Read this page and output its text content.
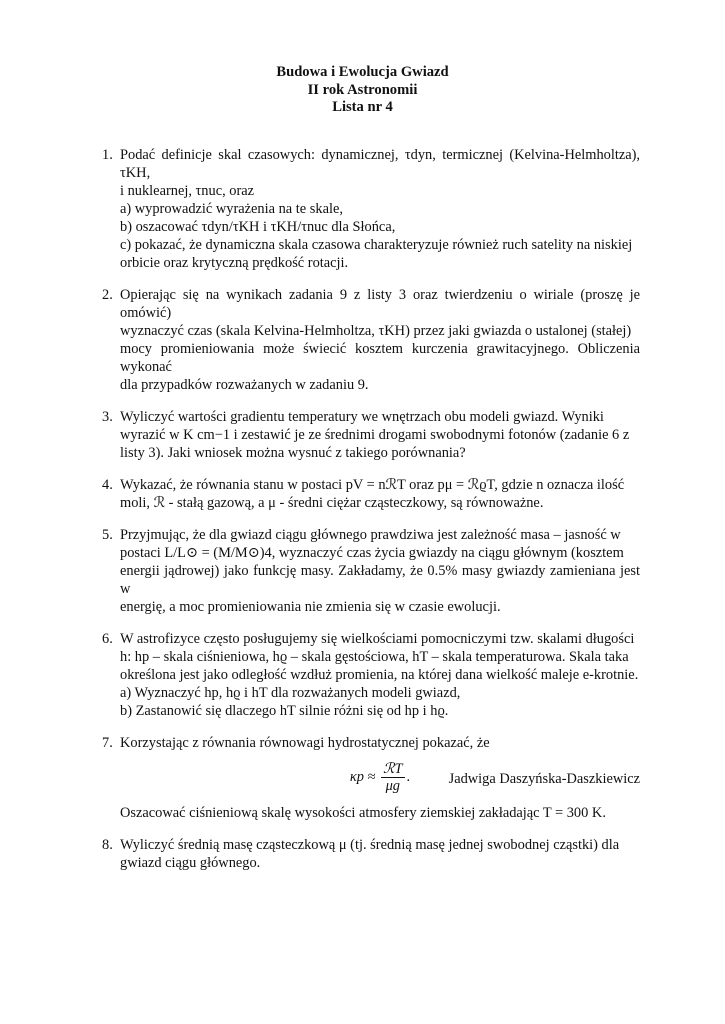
Budowa i Ewolucja Gwiazd
II rok Astronomii
Lista nr 4
1. Podać definicje skal czasowych: dynamicznej, τdyn, termicznej (Kelvina-Helmholtza), τKH,
i nuklearnej, τnuc, oraz
a) wyprowadzić wyrażenia na te skale,
b) oszacować τdyn/τKH i τKH/τnuc dla Słońca,
c) pokazać, że dynamiczna skala czasowa charakteryzuje również ruch satelity na niskiej
orbicie oraz krytyczną prędkość rotacji.
2. Opierając się na wynikach zadania 9 z listy 3 oraz twierdzeniu o wiriale (proszę je omówić)
wyznaczyć czas (skala Kelvina-Helmholtza, τKH) przez jaki gwiazda o ustalonej (stałej)
mocy promieniowania może świecić kosztem kurczenia grawitacyjnego. Obliczenia wykonać
dla przypadków rozważanych w zadaniu 9.
3. Wyliczyć wartości gradientu temperatury we wnętrzach obu modeli gwiazd. Wyniki
wyrazić w K cm−1 i zestawić je ze średnimi drogami swobodnymi fotonów (zadanie 6 z
listy 3). Jaki wniosek można wysnuć z takiego porównania?
4. Wykazać, że równania stanu w postaci pV = nℛT oraz pμ = ℛϱT, gdzie n oznacza ilość
moli, ℛ - stałą gazową, a μ - średni ciężar cząsteczkowy, są równoważne.
5. Przyjmując, że dla gwiazd ciągu głównego prawdziwa jest zależność masa – jasność w
postaci L/L⊙ = (M/M⊙)4, wyznaczyć czas życia gwiazdy na ciągu głównym (kosztem
energii jądrowej) jako funkcję masy. Zakładamy, że 0.5% masy gwiazdy zamieniana jest w
energię, a moc promieniowania nie zmienia się w czasie ewolucji.
6. W astrofizyce często posługujemy się wielkościami pomocniczymi tzw. skalami długości
h: hp – skala ciśnieniowa, hϱ – skala gęstościowa, hT – skala temperaturowa. Skala taka
określona jest jako odległość wzdłuż promienia, na której dana wielkość maleje e-krotnie.
a) Wyznaczyć hp, hϱ i hT dla rozważanych modeli gwiazd,
b) Zastanowić się dlaczego hT silnie różni się od hp i hϱ.
7. Korzystając z równania równowagi hydrostatycznej pokazać, że
$\kappa p \approx \frac{\text{ℛT}}{\mu g}$ .
Oszacować ciśnieniową skalę wysokości atmosfery ziemskiej zakładając T = 300 K.
8. Wyliczyć średnią masę cząsteczkową μ (tj. średnią masę jednej swobodnej cząstki) dla
gwiazd ciągu głównego.
Jadwiga Daszyńska-Daszkiewicz
